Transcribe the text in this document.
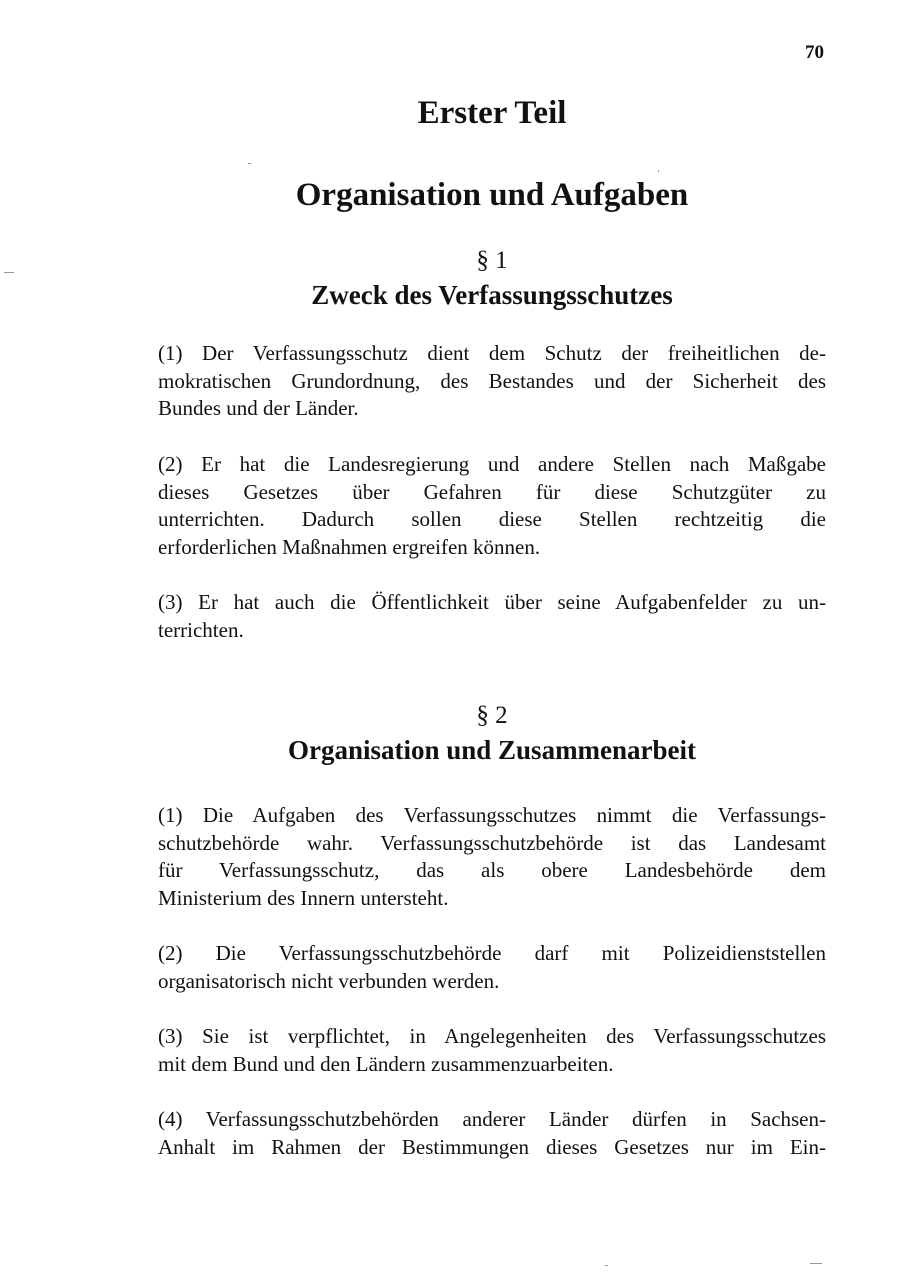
70
Erster Teil
Organisation und Aufgaben
§ 1
Zweck des Verfassungsschutzes
(1) Der Verfassungsschutz dient dem Schutz der freiheitlichen de-
mokratischen Grundordnung, des Bestandes und der Sicherheit des
Bundes und der Länder.
(2) Er hat die Landesregierung und andere Stellen nach Maßgabe
dieses Gesetzes über Gefahren für diese Schutzgüter zu
unterrichten. Dadurch sollen diese Stellen rechtzeitig die
erforderlichen Maßnahmen ergreifen können.
(3) Er hat auch die Öffentlichkeit über seine Aufgabenfelder zu un-
terrichten.
§ 2
Organisation und Zusammenarbeit
(1) Die Aufgaben des Verfassungsschutzes nimmt die Verfassungs-
schutzbehörde wahr. Verfassungsschutzbehörde ist das Landesamt
für Verfassungsschutz, das als obere Landesbehörde dem
Ministerium des Innern untersteht.
(2) Die Verfassungsschutzbehörde darf mit Polizeidienststellen
organisatorisch nicht verbunden werden.
(3) Sie ist verpflichtet, in Angelegenheiten des Verfassungsschutzes
mit dem Bund und den Ländern zusammenzuarbeiten.
(4) Verfassungsschutzbehörden anderer Länder dürfen in Sachsen-
Anhalt im Rahmen der Bestimmungen dieses Gesetzes nur im Ein-
